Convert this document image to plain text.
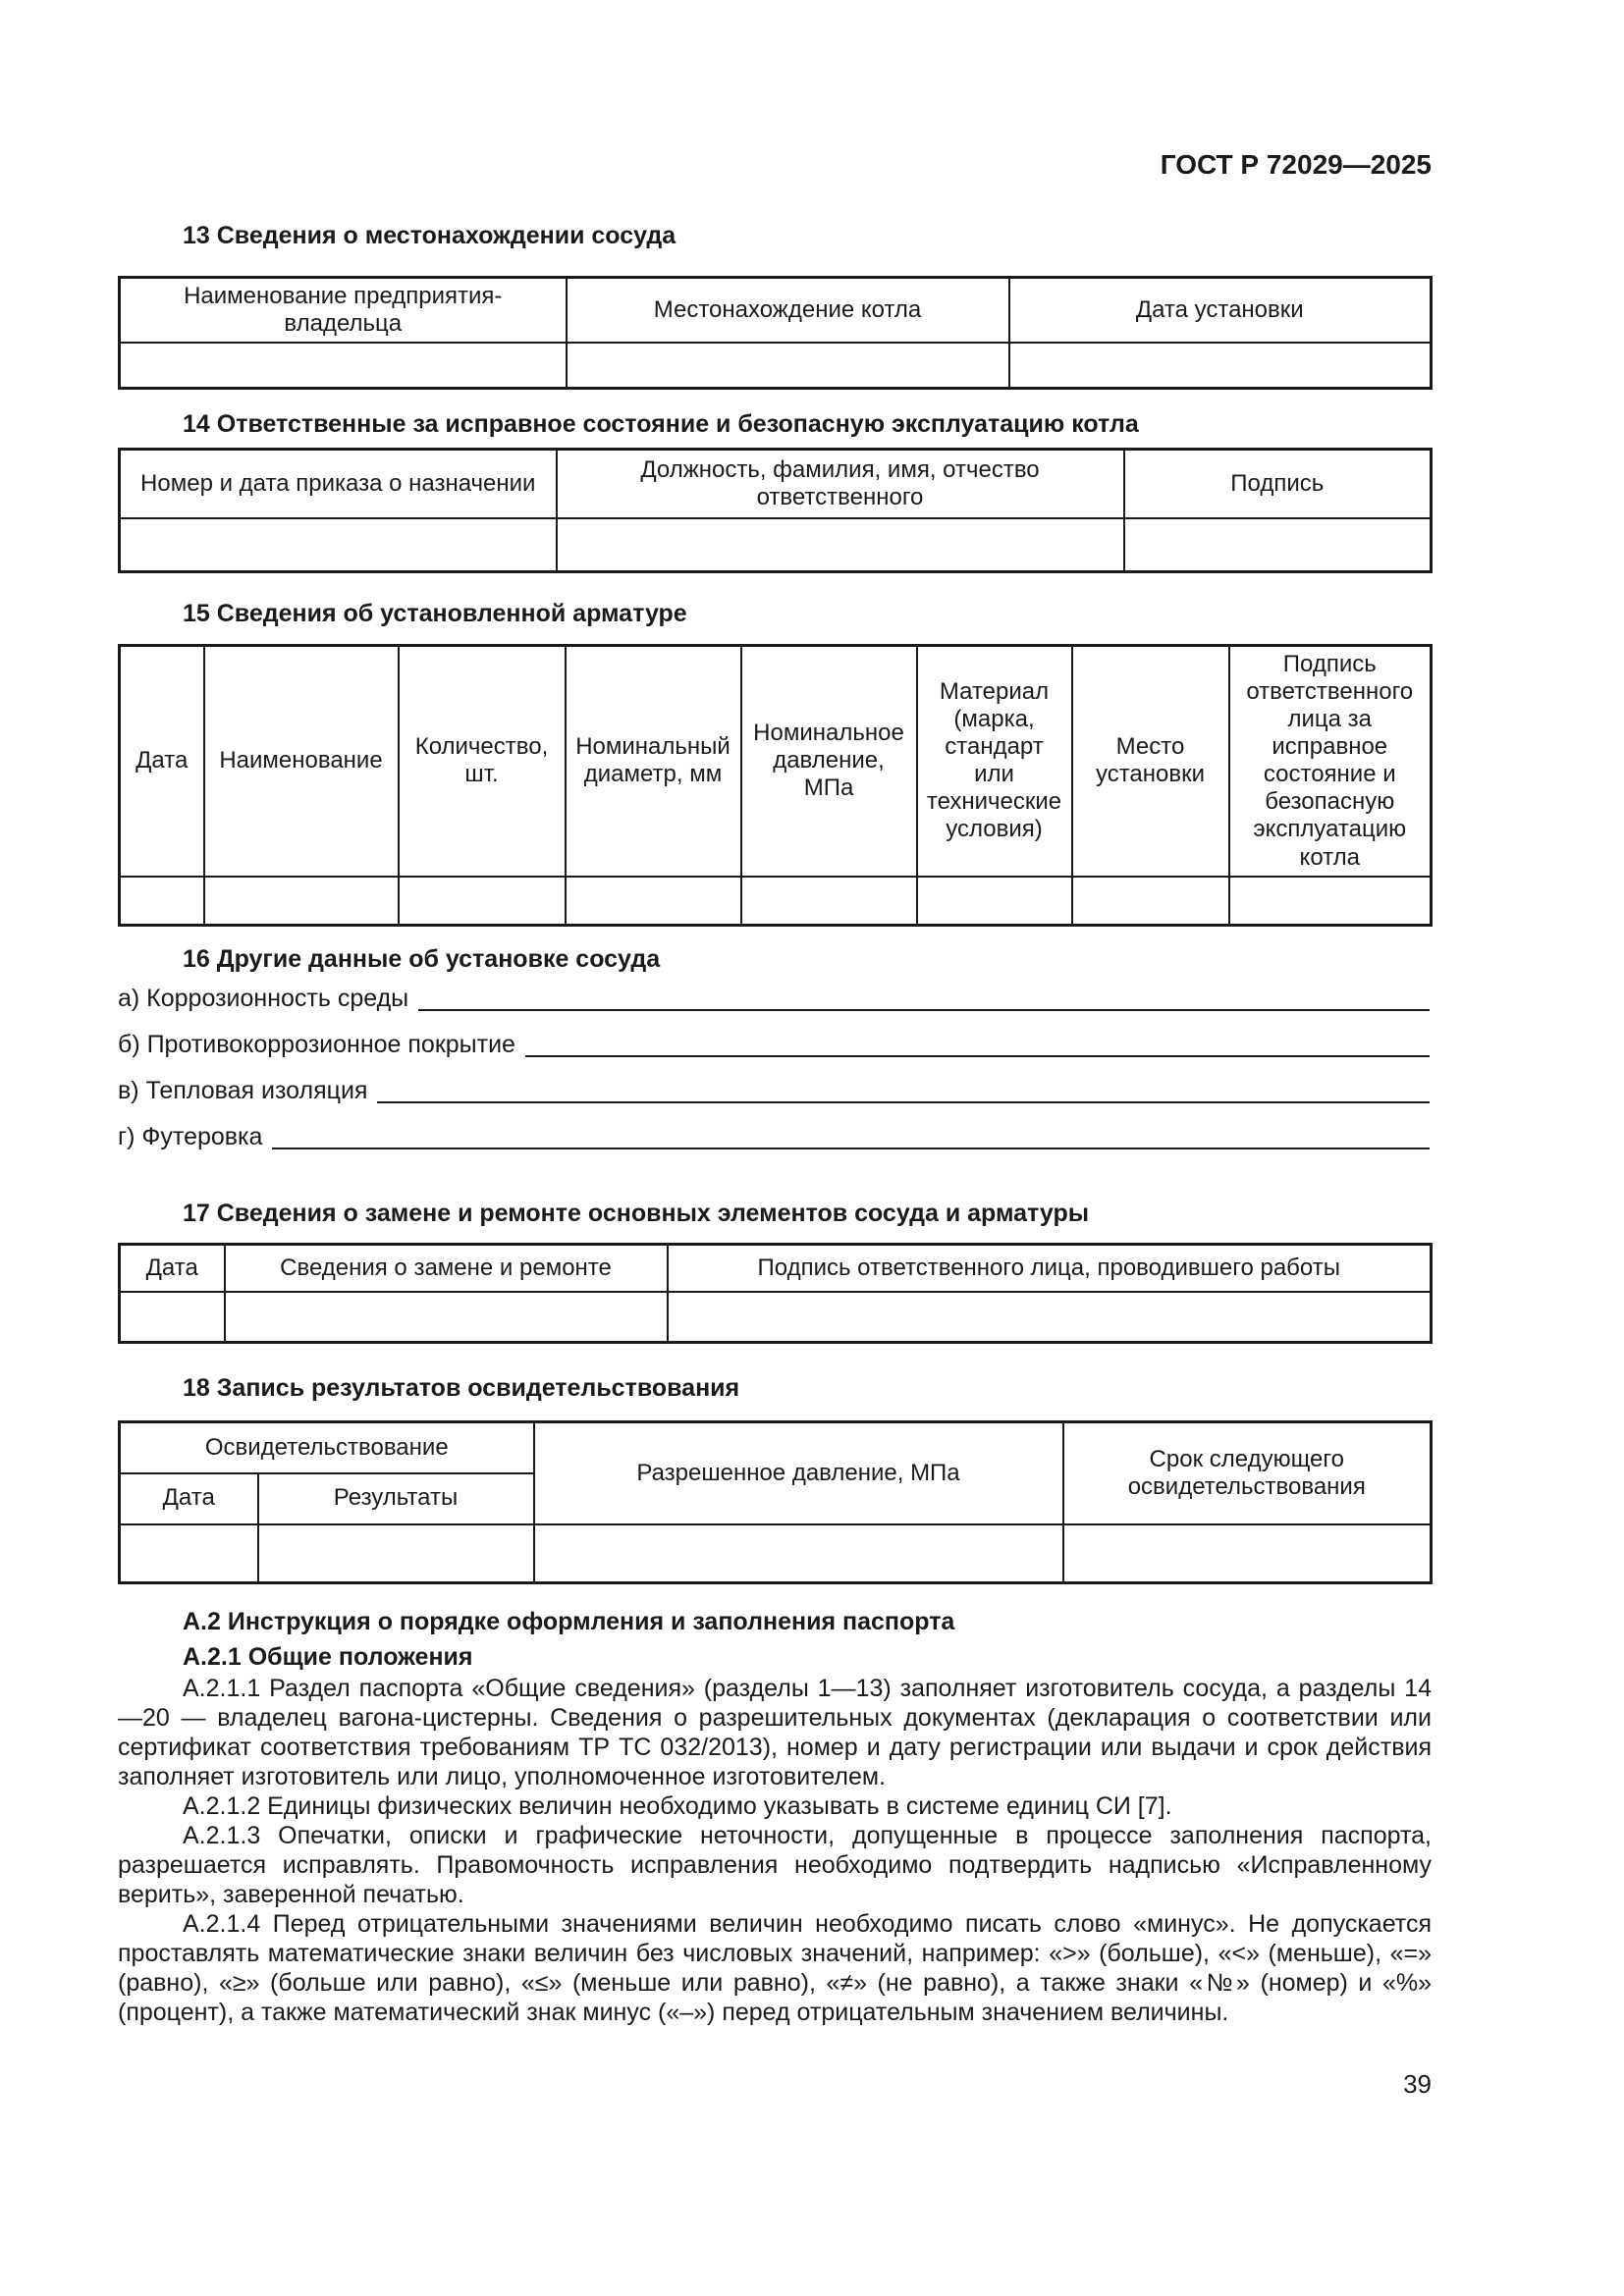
ГОСТ Р 72029—2025
13 Сведения о местонахождении сосуда
Наименование предприятия-владельца	Местонахождение котла	Дата установки

14 Ответственные за исправное состояние и безопасную эксплуатацию котла
Номер и дата приказа о назначении	Должность, фамилия, имя, отчество ответственного	Подпись

15 Сведения об установленной арматуре
Дата	Наименование	Количество, шт.	Номинальный диаметр, мм	Номинальное давление, МПа	Материал (марка, стандарт или технические условия)	Место установки	Подпись ответственного лица за исправное состояние и безопасную эксплуатацию котла

16 Другие данные об установке сосуда
а) Коррозионность среды
б) Противокоррозионное покрытие
в) Тепловая изоляция
г) Футеровка
17 Сведения о замене и ремонте основных элементов сосуда и арматуры
Дата	Сведения о замене и ремонте	Подпись ответственного лица, проводившего работы

18 Запись результатов освидетельствования
Освидетельствование		Разрешенное давление, МПа	Срок следующего освидетельствования
Дата	Результаты		

А.2 Инструкция о порядке оформления и заполнения паспорта
А.2.1 Общие положения

А.2.1.1 Раздел паспорта «Общие сведения» (разделы 1—13) заполняет изготовитель сосуда, а разделы 14—20 — владелец вагона-цистерны. Сведения о разрешительных документах (декларация о соответствии или сертификат соответствия требованиям ТР ТС 032/2013), номер и дату регистрации или выдачи и срок действия заполняет изготовитель или лицо, уполномоченное изготовителем.

А.2.1.2 Единицы физических величин необходимо указывать в системе единиц СИ [7].

А.2.1.3 Опечатки, описки и графические неточности, допущенные в процессе заполнения паспорта, разрешается исправлять. Правомочность исправления необходимо подтвердить надписью «Исправленному верить», заверенной печатью.

А.2.1.4 Перед отрицательными значениями величин необходимо писать слово «минус». Не допускается проставлять математические знаки величин без числовых значений, например: «>» (больше), «<» (меньше), «=» (равно), «≥» (больше или равно), «≤» (меньше или равно), «≠» (не равно), а также знаки «№» (номер) и «%» (процент), а также математический знак минус («–») перед отрицательным значением величины.

39
